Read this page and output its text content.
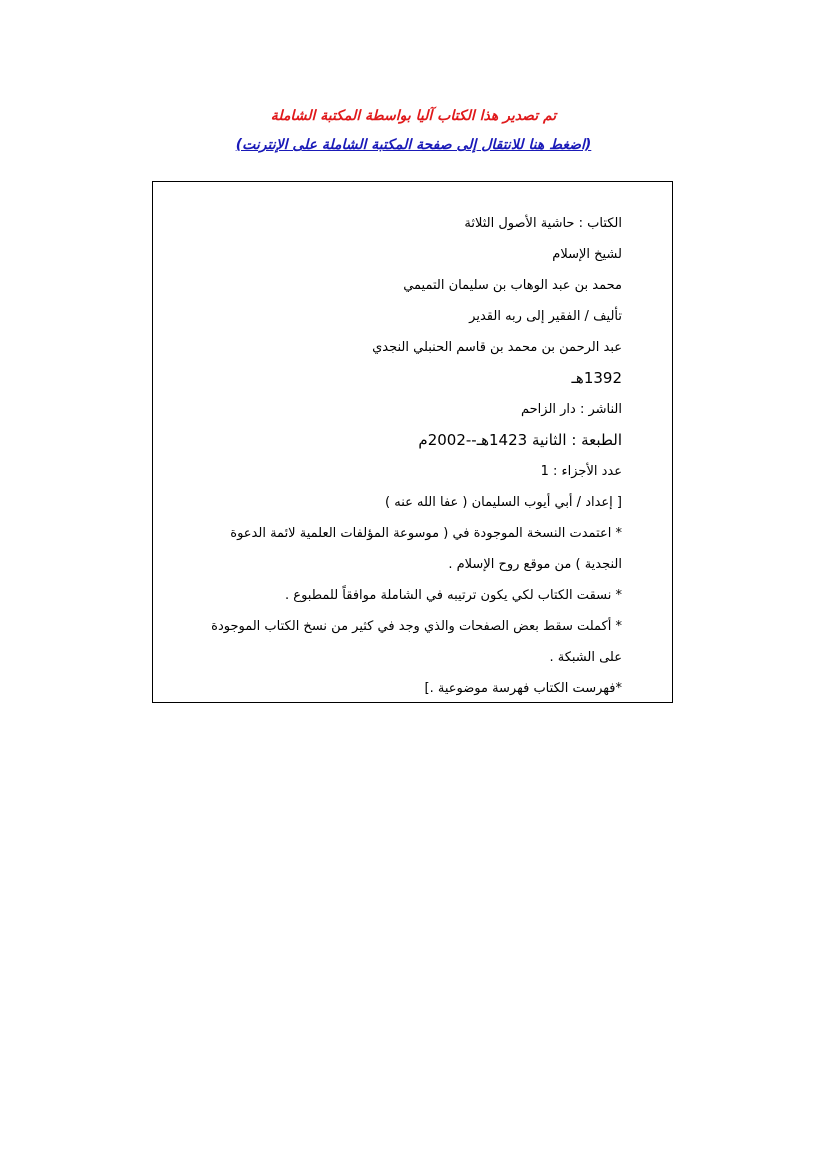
تم تصدير هذا الكتاب آليا بواسطة المكتبة الشاملة
(اضغط هنا للانتقال إلى صفحة المكتبة الشاملة على الإنترنت)
الكتاب : حاشية الأصول الثلاثة
لشيخ الإسلام
محمد بن عبد الوهاب بن سليمان التميمي
تأليف / الفقير إلى ربه القدير
عبد الرحمن بن محمد بن قاسم الحنبلي النجدي
1392هـ
الناشر : دار الزاحم
الطبعة : الثانية 1423هـ--2002م
عدد الأجزاء : 1
[ إعداد / أبي أيوب السليمان ( عفا الله عنه )
* اعتمدت النسخة الموجودة في ( موسوعة المؤلفات العلمية لائمة الدعوة
النجدية ) من موقع روح الإسلام .
* نسقت الكتاب لكي يكون ترتيبه في الشاملة موافقاً للمطبوع .
* أكملت سقط بعض الصفحات والذي وجد في كثير من نسخ الكتاب الموجودة
على الشبكة .
*فهرست الكتاب فهرسة موضوعية .]
